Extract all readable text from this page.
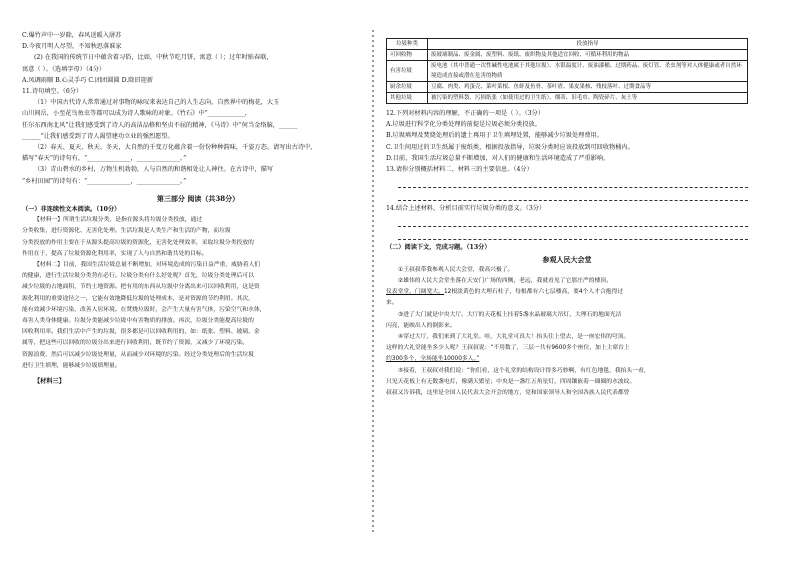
C.爆竹声中一岁除，春风送暖入屠苏
D.今夜月明人尽望，不知秋思落谁家
(2) 在我国的传统节日中蕴含着习俗，比如，中秋节吃月饼，寓意（ ）；过年时贴春联，
寓意（ ）。（选填字母）（4分）
A.凤调雨顺 B.心灵手巧 C.团团圆圆 D.除旧迎新
11.诗句填空。（6分）
（1）中国古代诗人常常通过对事物的咏叹来表达自己的人生志向。自然界中的梅花，大玉
山川间岳，小至花鸟鱼虫等都可以成为诗人歌咏的对象。《竹石》中“____________，
任尔东西南北风”让我们感受到了诗人的高洁品格和坚贞不屈的精神，《马诗》中“何当金络脑，______
______”让我们感受到了诗人渴望建功立业的强烈愿望。
（2）春天、夏天、秋天、冬天，大自然的千变万化蕴含着一份份种种韵味，千姿万态。请写出古诗中，
描写“春天”的诗句有，“______________，______________。”
（3）青山碧水的乡村，万物生机勃勃，人与自然的和谐相处让人神往。在古诗中，描写
“乡村田园”的诗句有：“______________，______________。”
第三部分 阅读（共38分）
（一）非连续性文本阅读。（10分）
【材料一】所谓生活垃圾分类，是指在源头将垃圾分类投放，通过
分类收集，进行资源化、无害化处理。生活垃圾是人类生产和生活的产物，而垃圾
分类投放的作用主要在于从源头提高垃圾的资源化、无害化处理效率，采取垃圾分类投放的
作用在于，提高了垃圾资源化利用率，实现了人与自然和谐共处的目标。
【材料二】目前，我国生活垃圾总量不断增加，对环境造成的污染日益严重，威胁着人们
的健康，进行生活垃圾分类势在必行。垃圾分类有什么好处呢？首先，垃圾分类处理后可以
减少垃圾的占地面积，节约土地资源。把有用的东西从垃圾中分离出来可以回收利用，这是资
源化利用的重要途径之一，它能有效地降低垃圾的处理成本，是对资源的节约利用。其次，
能有效减少环境污染，改善人居环境。在焚烧垃圾时，会产生大量有害气体，污染空气和水体，
毒害人类身体健康。垃圾分类能减少垃圾中有害物质的排放。再次，垃圾分类能提高垃圾的
回收利用率。我们生活中产生的垃圾，很多都是可以回收利用的，如：纸张、塑料、玻璃、金
属等，把这些可以回收的垃圾分出来进行回收利用，既节约了资源，又减少了环境污染。
资源浪费，然后可以减少垃圾处理量，从而减少对环境的污染。经过分类处理后的生活垃圾
进行卫生填埋，能够减少垃圾填埋量。
【材料三】
垃圾种类	投放指导
可回收物	废玻璃制品、废金属、废塑料、废纸、废织物及其他适宜回收、可循环利用的物品
有害垃圾	废电池（其中普通一次性碱性电池属于其他垃圾）、水银温度计、废油漆桶、过期药品、废灯管、杀虫剂等对人体健康或者自然环境造成直接或潜在危害的物质
厨余垃圾	豆腐、肉类、鸡蛋壳、菜叶菜根、鱼虾及鱼骨、茶叶渣、果皮果核、残枝落叶、过期食品等
其他垃圾	被污染的塑料袋、污损纸张（如使用过的卫生纸）、烟蒂、旧毛巾、陶瓷碎片、灰土等
12.下列对材料内容的理解，不正确的一项是（ ）。（3分）
A.垃圾进行科学化分类处理的前提是垃圾必须分类投放。
B.垃圾填埋及焚烧处理后的遗土再用于卫生填埋处置，能够减少垃圾处理费用。
C.卫生间用过的卫生纸属于废纸类，根据投放指导，垃圾分类时应该投放到可回收物桶内。
D.目前，我国生活垃圾总量不断增加，对人们的健康和生活环境造成了严重影响。
13.请你分别概括材料二、材料三的主要信息。（4分）
14.结合上述材料，分析目前实行垃圾分类的意义。（3分）
（二）阅读下文，完成习题。（13分）
参观人民大会堂
①王叔叔带我参观人民大会堂，我高兴极了。
②雄伟的人民大会堂坐落在天安门广场的西侧，老远，我就看见了它那庄严的楼顶。
仪表堂堂，门阔宽大。12根淡黄色的大理石柱子，每根都有六七层楼高，要4个人才合抱得过
来。
③进了大门就是中央大厅。大厅的天花板上挂着5盏水晶玻璃大吊灯，大理石的地面光洁
闪亮，能映出人的倒影来。
④穿过大厅，我们来到了大礼堂。哇，大礼堂可真大！抬头往上望去，是一座宏伟的穹顶。
这样的大礼堂能坐多少人呢？王叔叔说：“不用数了，三层一共有9600多个座位，加上主席台上
约300多个，全场能坐10000多人。”
⑤接着，王叔叔对我们说：“你们看，这个礼堂的结构设计得多巧妙啊，有红色地毯，我抬头一看，
只见天花板上有无数盏电灯，像满天繁星；中央是一盏红五角星灯，四周镶嵌着一圈圈的水波纹。
叔叔又告诉我，这里是全国人民代表大会开会的地方，党和国家领导人和全国各族人民代表都曾
